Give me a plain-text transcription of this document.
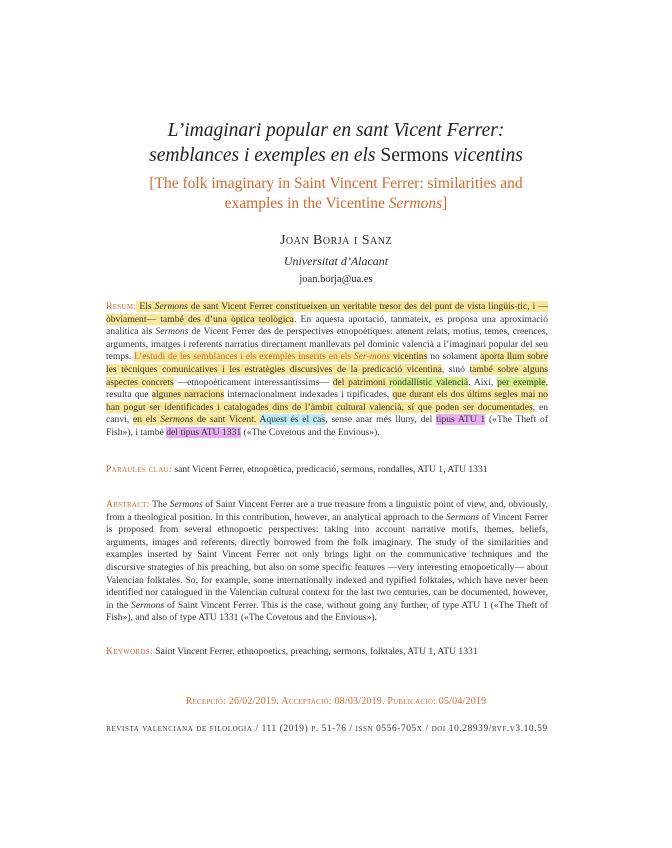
L’imaginari popular en sant Vicent Ferrer:
semblances i exemples en els Sermons vicentins
[The folk imaginary in Saint Vincent Ferrer: similarities and
examples in the Vicentine Sermons]
Joan Borja i Sanz
Universitat d’Alacant
joan.borja@ua.es
Resum: Els Sermons de sant Vicent Ferrer constitueixen un veritable tresor des del punt de vista lingüís-tic, i —òbviament— també des d’una òptica teològica. En aquesta aportació, tanmateix, es proposa una aproximació analítica als Sermons de Vicent Ferrer des de perspectives etnopoètiques: atenent relats, motius, temes, creences, arguments, imatges i referents narratius directament manllevats pel dominic valencià a l’imaginari popular del seu temps. L’estudi de les semblances i els exemples inserits en els Ser-mons vicentins no solament aporta llum sobre les tècniques comunicatives i les estratègies discursives de la predicació vicentina, sinó també sobre alguns aspectes concrets —etnopoèticament interessantíssims— del patrimoni rondallístic valencià. Així, per exemple, resulta que algunes narracions internacionalment indexades i tipificades, que durant els dos últims segles mai no han pogut ser identificades i catalogades dins de l’àmbit cultural valencià, sí que poden ser documentades, en canvi, en els Sermons de sant Vicent. Aquest és el cas, sense anar més lluny, del tipus ATU 1 («The Theft of Fish»), i també del tipus ATU 1331 («The Covetous and the Envious»).
Paraules clau: sant Vicent Ferrer, etnopoètica, predicació, sermons, rondalles, ATU 1, ATU 1331
Abstract: The Sermons of Saint Vincent Ferrer are a true treasure from a linguistic point of view, and, obviously, from a theological position. In this contribution, however, an analytical approach to the Sermons of Vincent Ferrer is proposed from several ethnopoetic perspectives: taking into account narrative motifs, themes, beliefs, arguments, images and referents, directly borrowed from the folk imaginary. The study of the similarities and examples inserted by Saint Vincent Ferrer not only brings light on the communicative techniques and the discursive strategies of his preaching, but also on some specific features —very interesting etnopoetically— about Valencian folktales. So, for example, some internationally indexed and typified folktales, which have never been identified nor catalogued in the Valencian cultural context for the last two centuries, can be documented, however, in the Sermons of Saint Vincent Ferrer. This is the case, without going any further, of type ATU 1 («The Theft of Fish»), and also of type ATU 1331 («The Covetous and the Envious»).
Keywords: Saint Vincent Ferrer, ethnopoetics, preaching, sermons, folktales, ATU 1, ATU 1331
Recepció: 26/02/2019. Acceptació: 08/03/2019. Publicació: 05/04/2019
revista valenciana de filologia / 111 (2019) p. 51-76 / issn 0556-705x / doi 10.28939/rvf.v3.10.59
